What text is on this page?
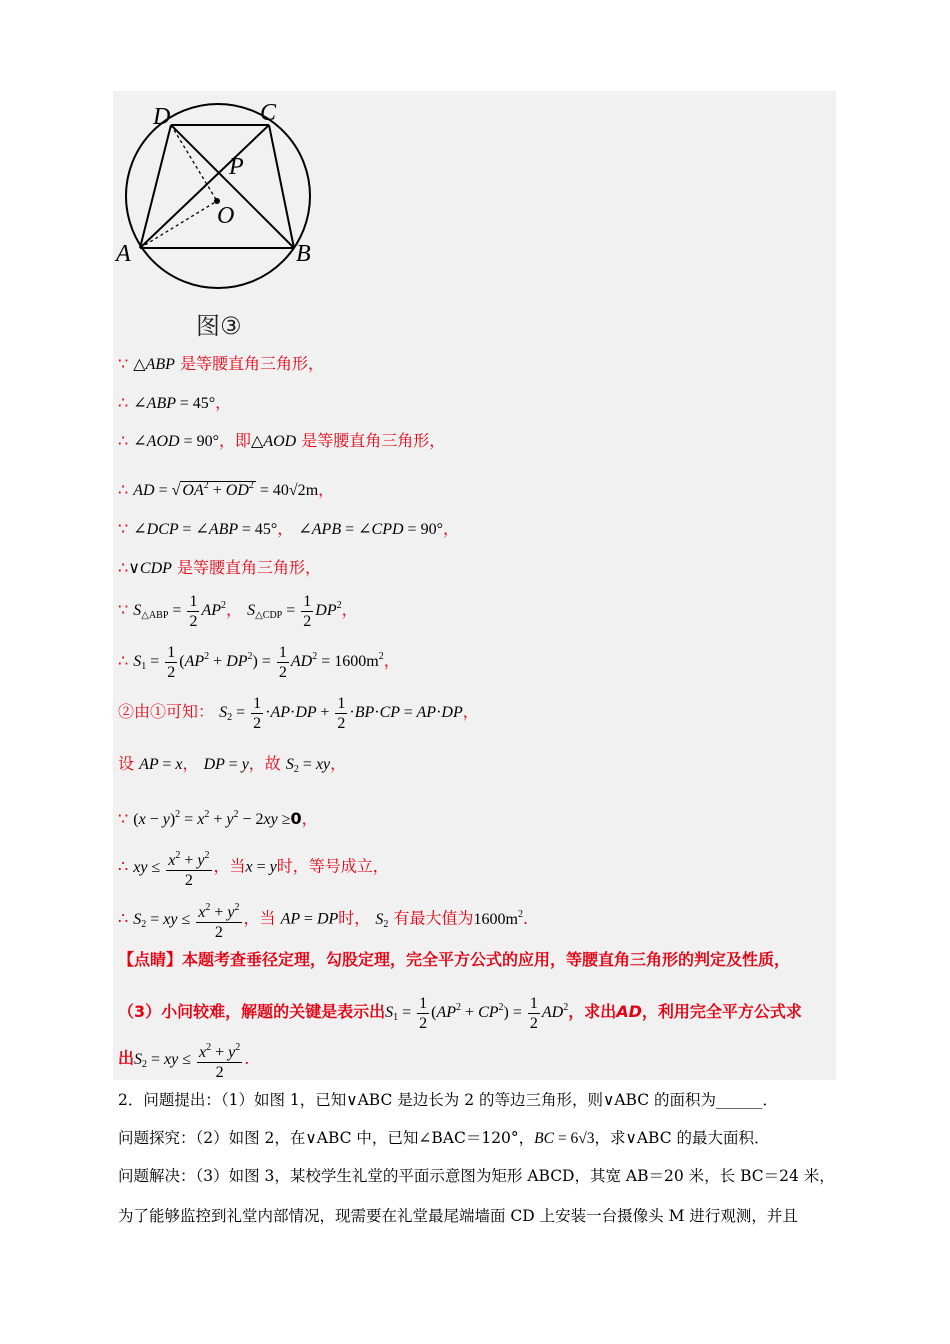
D	C
P
O
A	B
图③
∵ △ABP 是等腰直角三角形，
∴ ∠ABP = 45°，
∴ ∠AOD = 90°，即△AOD 是等腰直角三角形，
∴ AD = √ $OA^2 + OD^2 = 40√2m$，
∵ ∠DCP = ∠ABP = 45°， ∠APB = ∠CPD = 90°，
∴∨CDP 是等腰直角三角形，
∵ $S_{\triangle ABP} = \frac{1}{2} AP^2$， $S_{\triangle CDP} = \frac{1}{2} DP^2$，
∴ $S_1 = \frac{1}{2} (AP^2 + DP^2) = \frac{1}{2} AD^2 = 1600m^2$，
②由①可知： $S_2 = \frac{1}{2} \cdot AP\cdot DP + \frac{1}{2} \cdot BP\cdot CP = AP\cdot DP$，
设 AP = x， DP = y，故 $S_2$ = xy，
∵ $(x - y)^2 = x^2 + y^2 - 2xy \ge 0$，
∴ xy ≤ $\frac{x^2 + y^2}{2}$ ，当x = y时，等号成立，
∴ $S_2$ = xy ≤ $\frac{x^2 + y^2}{2}$ ，当 AP = DP时， $S_2$ 有最大值为$1600m^2$．
【点睛】本题考查垂径定理，勾股定理，完全平方公式的应用，等腰直角三角形的判定及性质，
（3）小问较难，解题的关键是表示出$S_1 = \frac{1}{2} (AP^2 + CP^2) = \frac{1}{2} AD^2$，求出AD，利用完全平方公式求
出$S_2$ = xy ≤ $\frac{x^2 + y^2}{2}$ ．
2．问题提出：（1）如图 1，已知∨ABC 是边长为 2 的等边三角形，则∨ABC 的面积为______．
问题探究：（2）如图 2，在∨ABC 中，已知∠BAC＝120°，BC = 6√3，求∨ABC 的最大面积．
问题解决：（3）如图 3，某校学生礼堂的平面示意图为矩形 ABCD，其宽 AB＝20 米，长 BC＝24 米，
为了能够监控到礼堂内部情况，现需要在礼堂最尾端墙面 CD 上安装一台摄像头 M 进行观测，并且
